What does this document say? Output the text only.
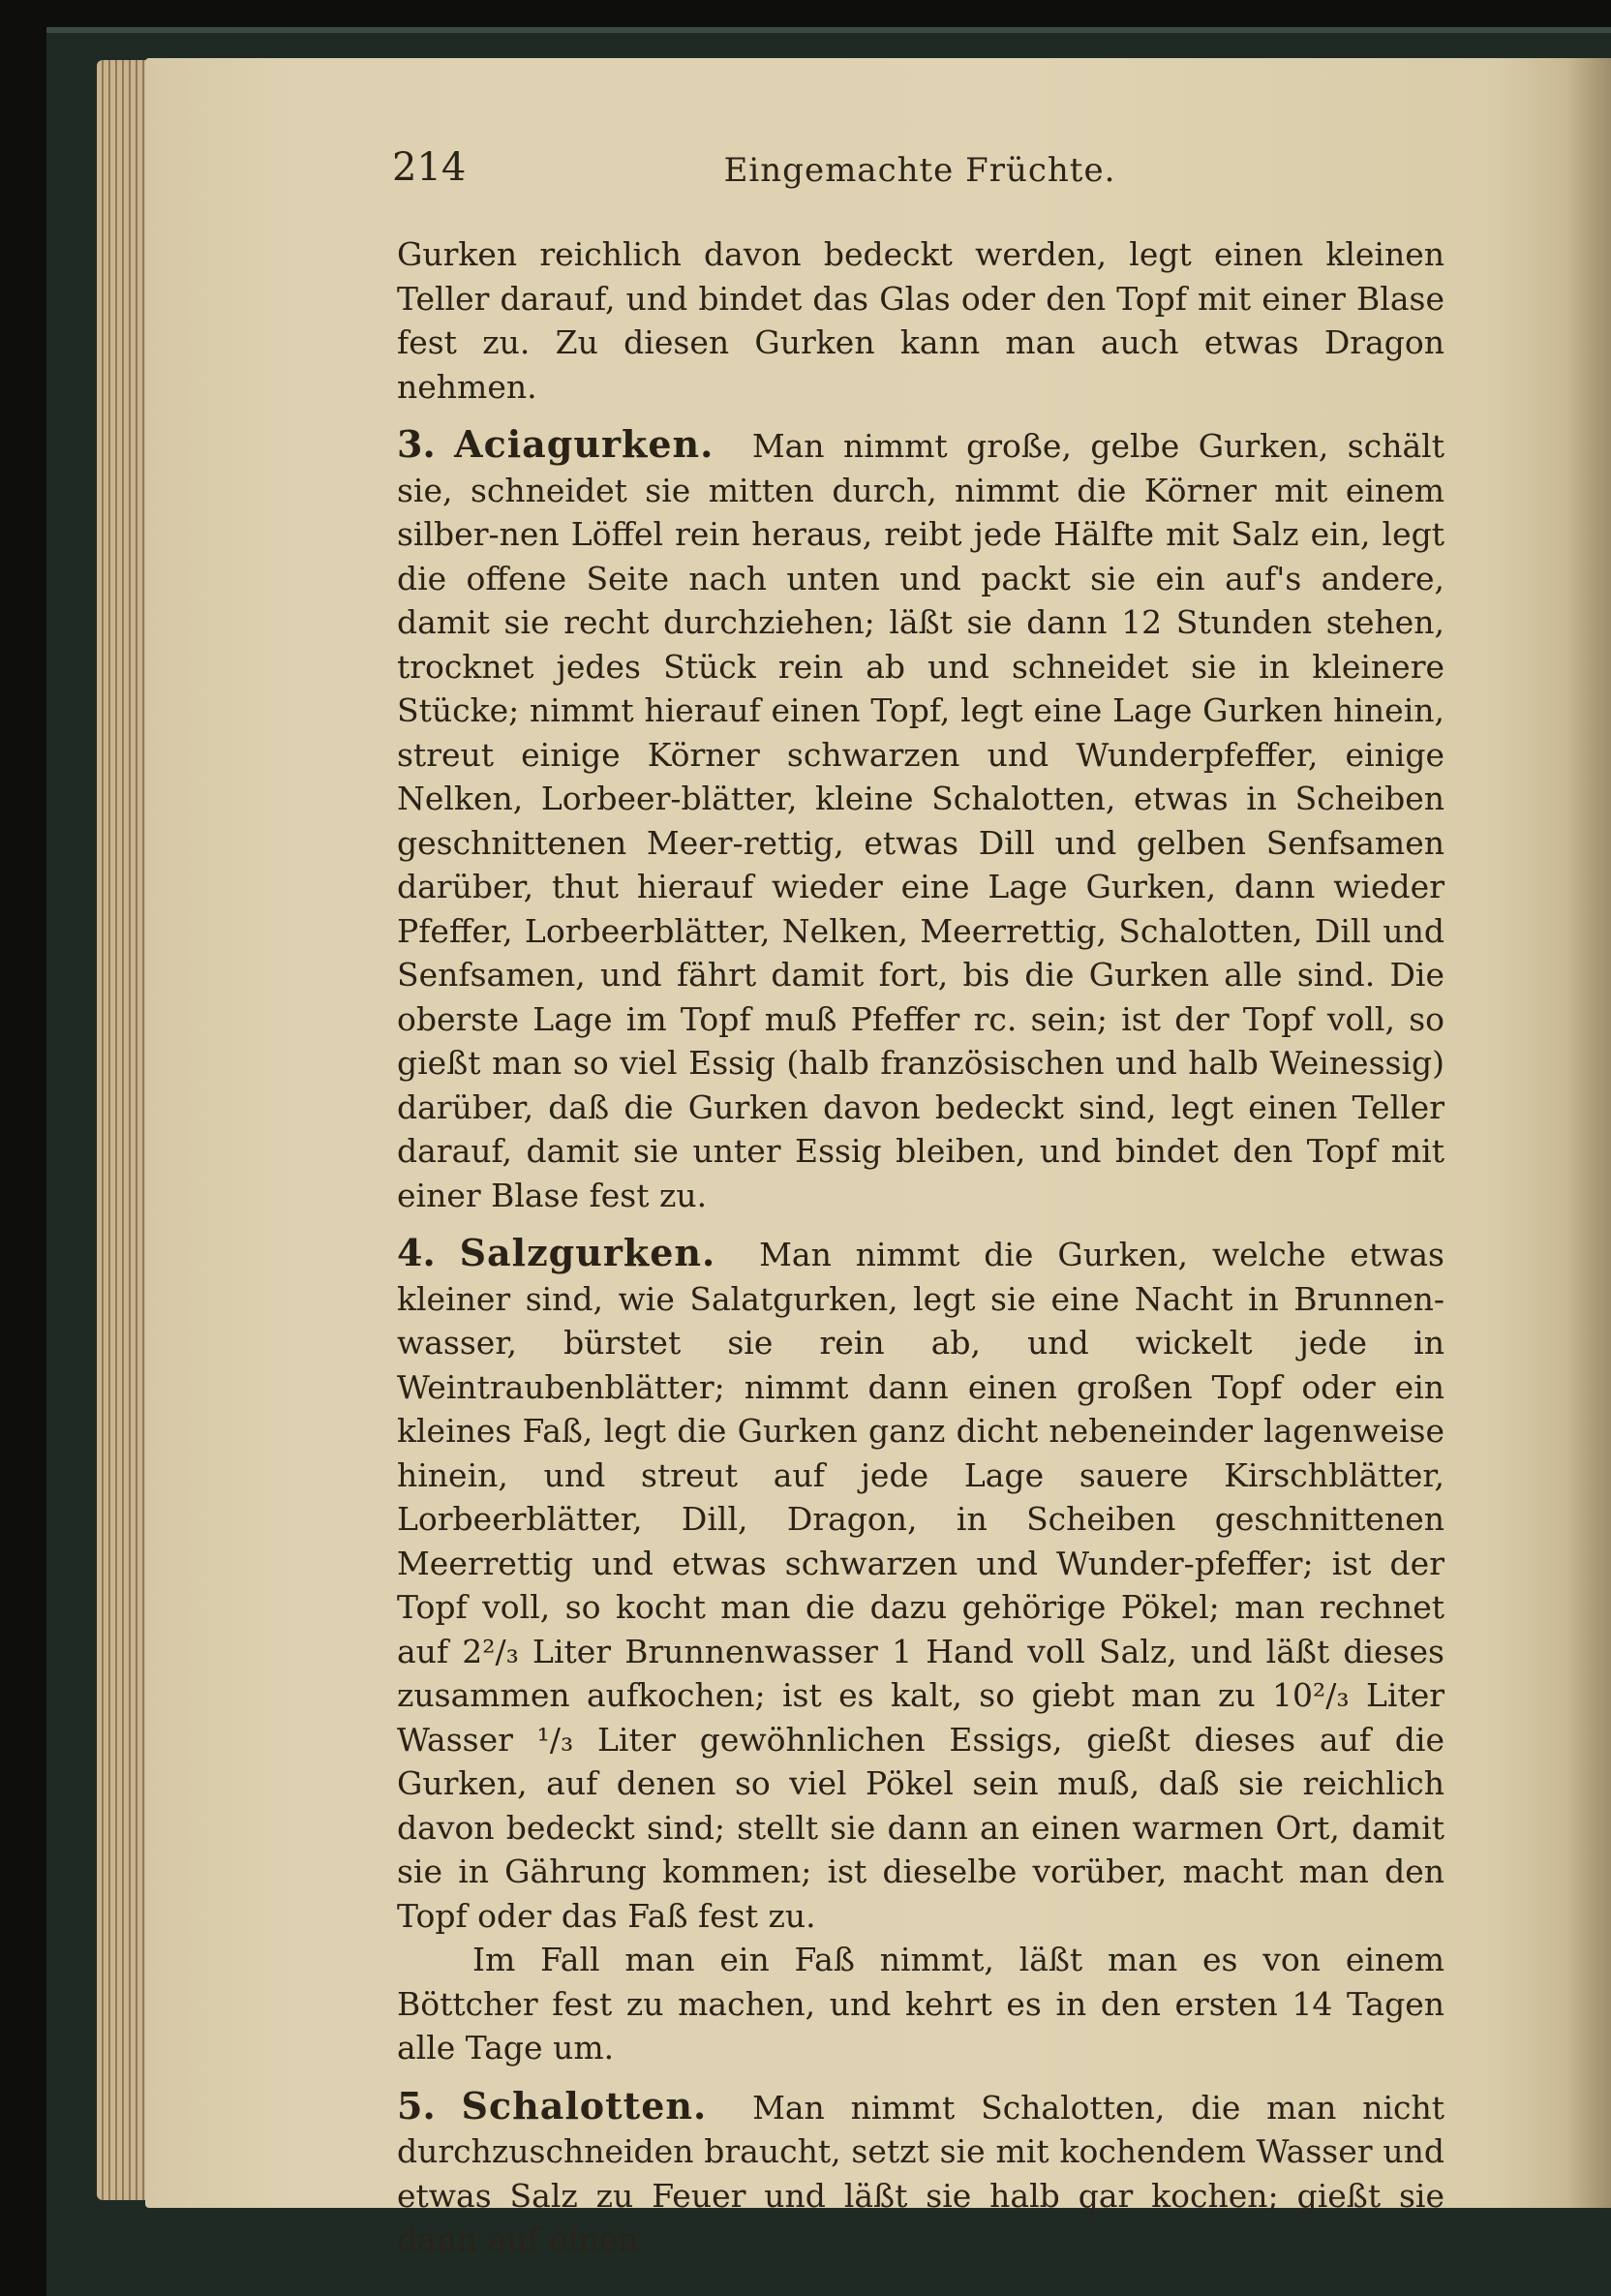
214	Eingemachte Früchte.

Gurken reichlich davon bedeckt werden, legt einen kleinen Teller darauf, und bindet das Glas oder den Topf mit einer Blase fest zu. Zu diesen Gurken kann man auch etwas Dragon nehmen.

3. Aciagurken. Man nimmt große, gelbe Gurken, schält sie, schneidet sie mitten durch, nimmt die Körner mit einem silber-nen Löffel rein heraus, reibt jede Hälfte mit Salz ein, legt die offene Seite nach unten und packt sie ein auf's andere, damit sie recht durchziehen; läßt sie dann 12 Stunden stehen, trocknet jedes Stück rein ab und schneidet sie in kleinere Stücke; nimmt hierauf einen Topf, legt eine Lage Gurken hinein, streut einige Körner schwarzen und Wunderpfeffer, einige Nelken, Lorbeer-blätter, kleine Schalotten, etwas in Scheiben geschnittenen Meer-rettig, etwas Dill und gelben Senfsamen darüber, thut hierauf wieder eine Lage Gurken, dann wieder Pfeffer, Lorbeerblätter, Nelken, Meerrettig, Schalotten, Dill und Senfsamen, und fährt damit fort, bis die Gurken alle sind. Die oberste Lage im Topf muß Pfeffer rc. sein; ist der Topf voll, so gießt man so viel Essig (halb französischen und halb Weinessig) darüber, daß die Gurken davon bedeckt sind, legt einen Teller darauf, damit sie unter Essig bleiben, und bindet den Topf mit einer Blase fest zu.

4. Salzgurken. Man nimmt die Gurken, welche etwas kleiner sind, wie Salatgurken, legt sie eine Nacht in Brunnen-wasser, bürstet sie rein ab, und wickelt jede in Weintraubenblätter; nimmt dann einen großen Topf oder ein kleines Faß, legt die Gurken ganz dicht nebeneinder lagenweise hinein, und streut auf jede Lage sauere Kirschblätter, Lorbeerblätter, Dill, Dragon, in Scheiben geschnittenen Meerrettig und etwas schwarzen und Wunder-pfeffer; ist der Topf voll, so kocht man die dazu gehörige Pökel; man rechnet auf 2²/₃ Liter Brunnenwasser 1 Hand voll Salz, und läßt dieses zusammen aufkochen; ist es kalt, so giebt man zu 10²/₃ Liter Wasser ¹/₃ Liter gewöhnlichen Essigs, gießt dieses auf die Gurken, auf denen so viel Pökel sein muß, daß sie reichlich davon bedeckt sind; stellt sie dann an einen warmen Ort, damit sie in Gährung kommen; ist dieselbe vorüber, macht man den Topf oder das Faß fest zu.

Im Fall man ein Faß nimmt, läßt man es von einem Böttcher fest zu machen, und kehrt es in den ersten 14 Tagen alle Tage um.

5. Schalotten. Man nimmt Schalotten, die man nicht durchzuschneiden braucht, setzt sie mit kochendem Wasser und etwas Salz zu Feuer und läßt sie halb gar kochen; gießt sie dann auf einen
